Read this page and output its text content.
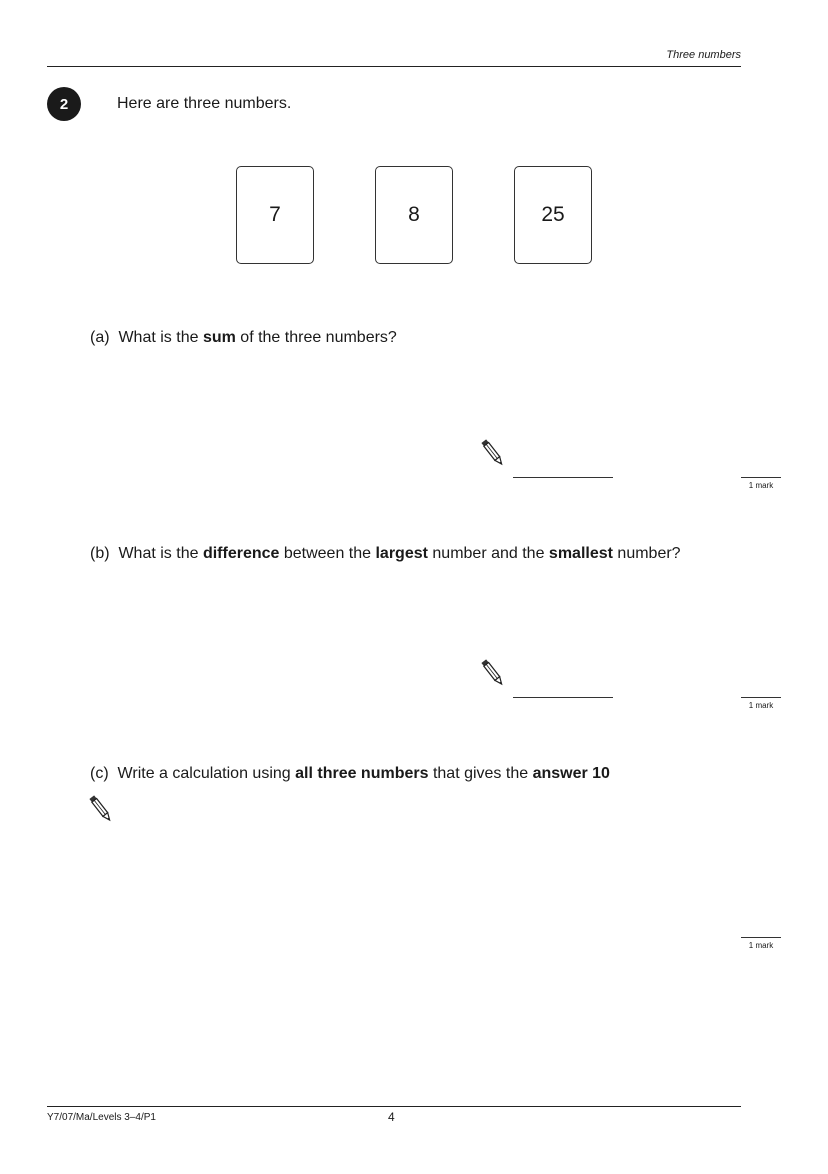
Three numbers
2	Here are three numbers.
7	8	25
(a) What is the sum of the three numbers?
1 mark
(b) What is the difference between the largest number and the smallest number?
1 mark
(c) Write a calculation using all three numbers that gives the answer 10
1 mark
Y7/07/Ma/Levels 3–4/P1	4
